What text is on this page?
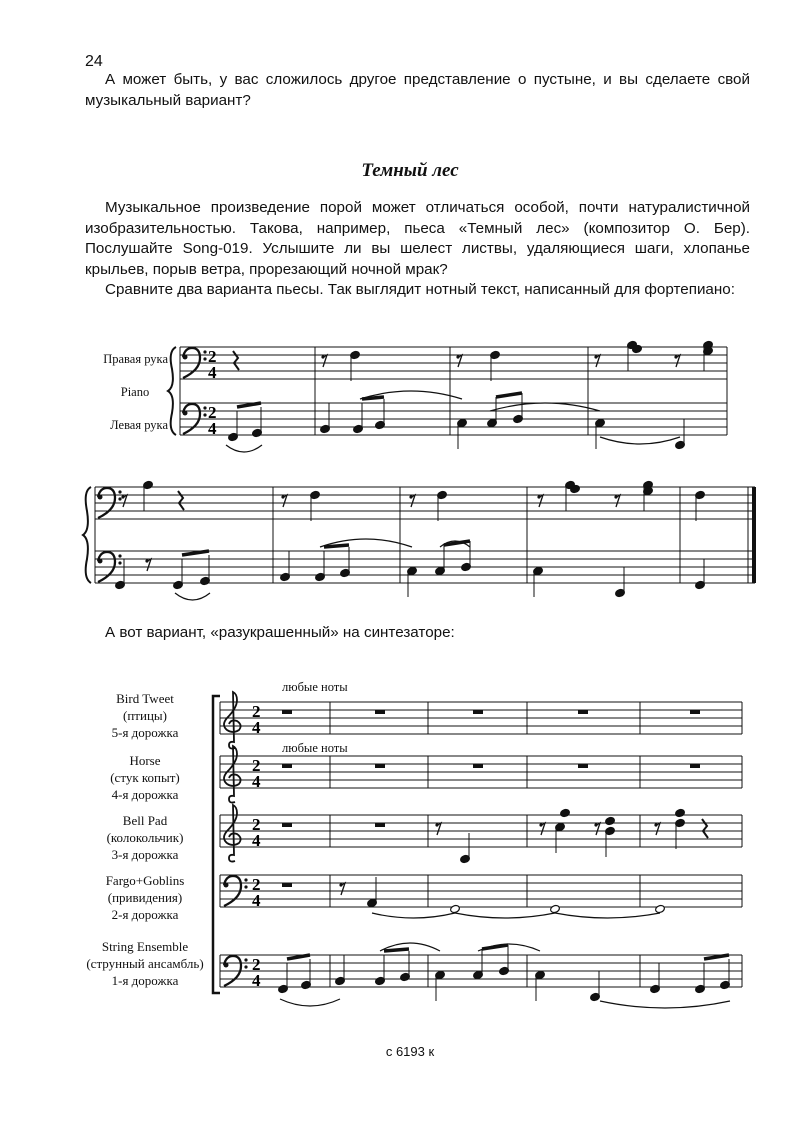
24

А может быть, у вас сложилось другое представление о пустыне, и вы сделаете свой музыкальный вариант?

Темный лес

Музыкальное произведение порой может отличаться особой, почти натуралистичной изобразительностью. Такова, например, пьеса «Темный лес» (композитор О. Бер). Послушайте Song-019. Услышите ли вы шелест листвы, удаляющиеся шаги, хлопанье крыльев, порыв ветра, прорезающий ночной мрак?

Сравните два варианта пьесы. Так выглядит нотный текст, написанный для фортепиано:

2
4
2
4
2
4
2
4
2
4
2
4
2
4
Правая рука
Piano
Левая рука

А вот вариант, «разукрашенный» на синтезаторе:

любые ноты
любые ноты
Bird Tweet
(птицы)
5-я дорожка
Horse
(стук копыт)
4-я дорожка
Bell Pad
(колокольчик)
3-я дорожка
Fargo+Goblins
(привидения)
2-я дорожка
String Ensemble
(струнный ансамбль)
1-я дорожка
с 6193 к
